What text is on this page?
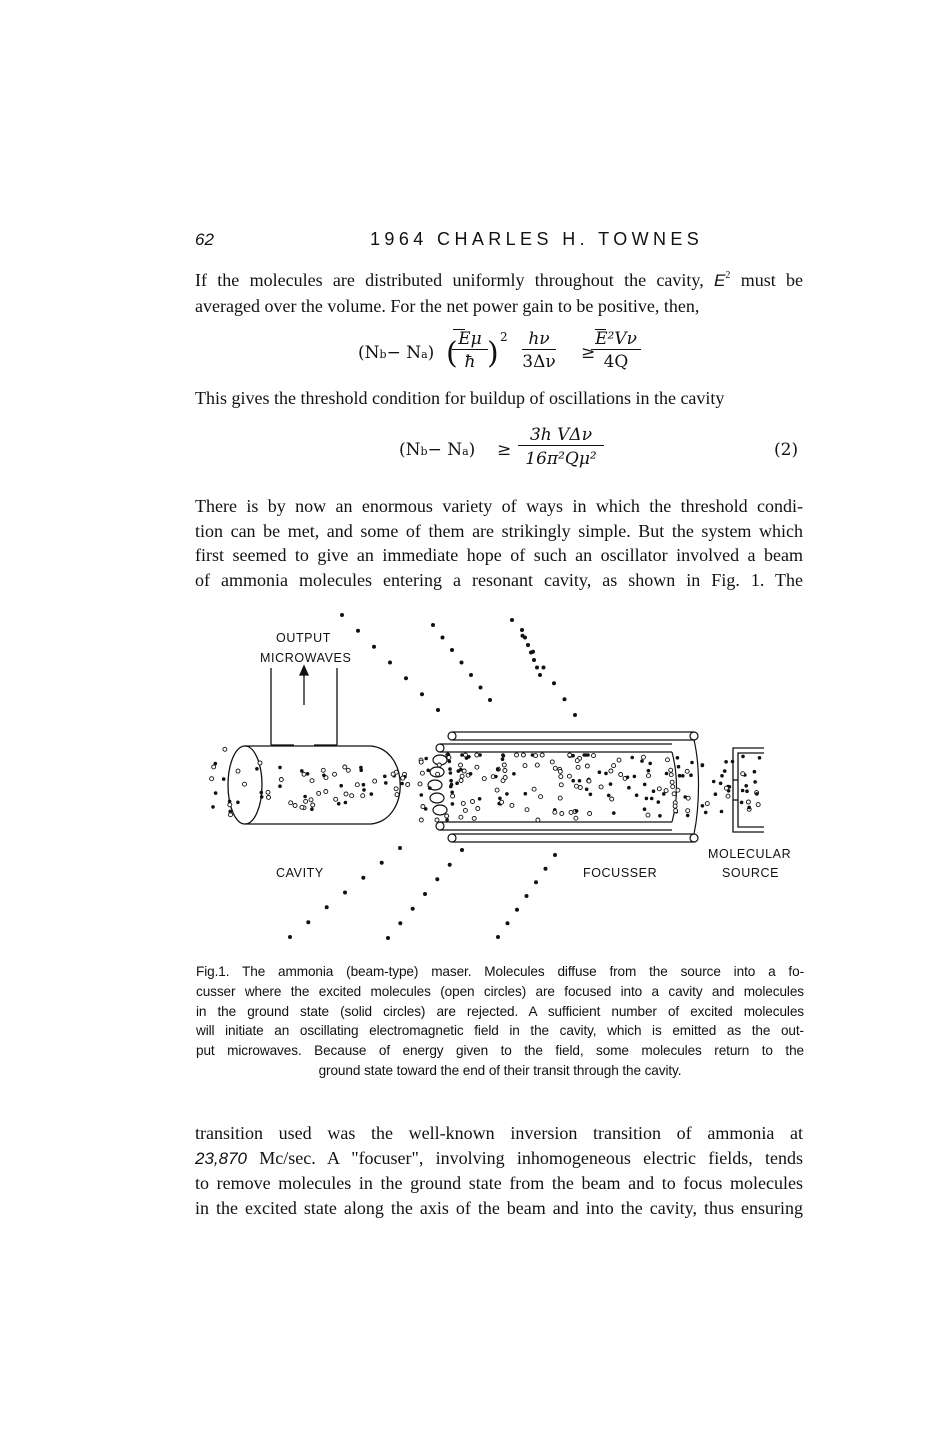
62	1964 CHARLES H. TOWNES
If the molecules are distributed uniformly throughout the cavity, $E^2$ must be
averaged over the volume. For the net power gain to be positive, then,
(Nb− Na) ( Eμ
ħ ) 2	hν
3Δν ≥
E²Vν
4Q
This gives the threshold condition for buildup of oscillations in the cavity
(Nb− Na) ≥
3h VΔν
16π²Qμ²	(2)
There is by now an enormous variety of ways in which the threshold condi-
tion can be met, and some of them are strikingly simple. But the system which
first seemed to give an immediate hope of such an oscillator involved a beam
of ammonia molecules entering a resonant cavity, as shown in Fig. 1. The
OUTPUT
MICROWAVES
CAVITY	FOCUSSER
MOLECULAR
SOURCE
Fig.1. The ammonia (beam-type) maser. Molecules diffuse from the source into a fo-
cusser where the excited molecules (open circles) are focused into a cavity and molecules
in the ground state (solid circles) are rejected. A sufficient number of excited molecules
will initiate an oscillating electromagnetic field in the cavity, which is emitted as the out-
put microwaves. Because of energy given to the field, some molecules return to the
ground state toward the end of their transit through the cavity.
transition used was the well-known inversion transition of ammonia at
23,870 Mc/sec. A "focuser", involving inhomogeneous electric fields, tends
to remove molecules in the ground state from the beam and to focus molecules
in the excited state along the axis of the beam and into the cavity, thus ensuring
